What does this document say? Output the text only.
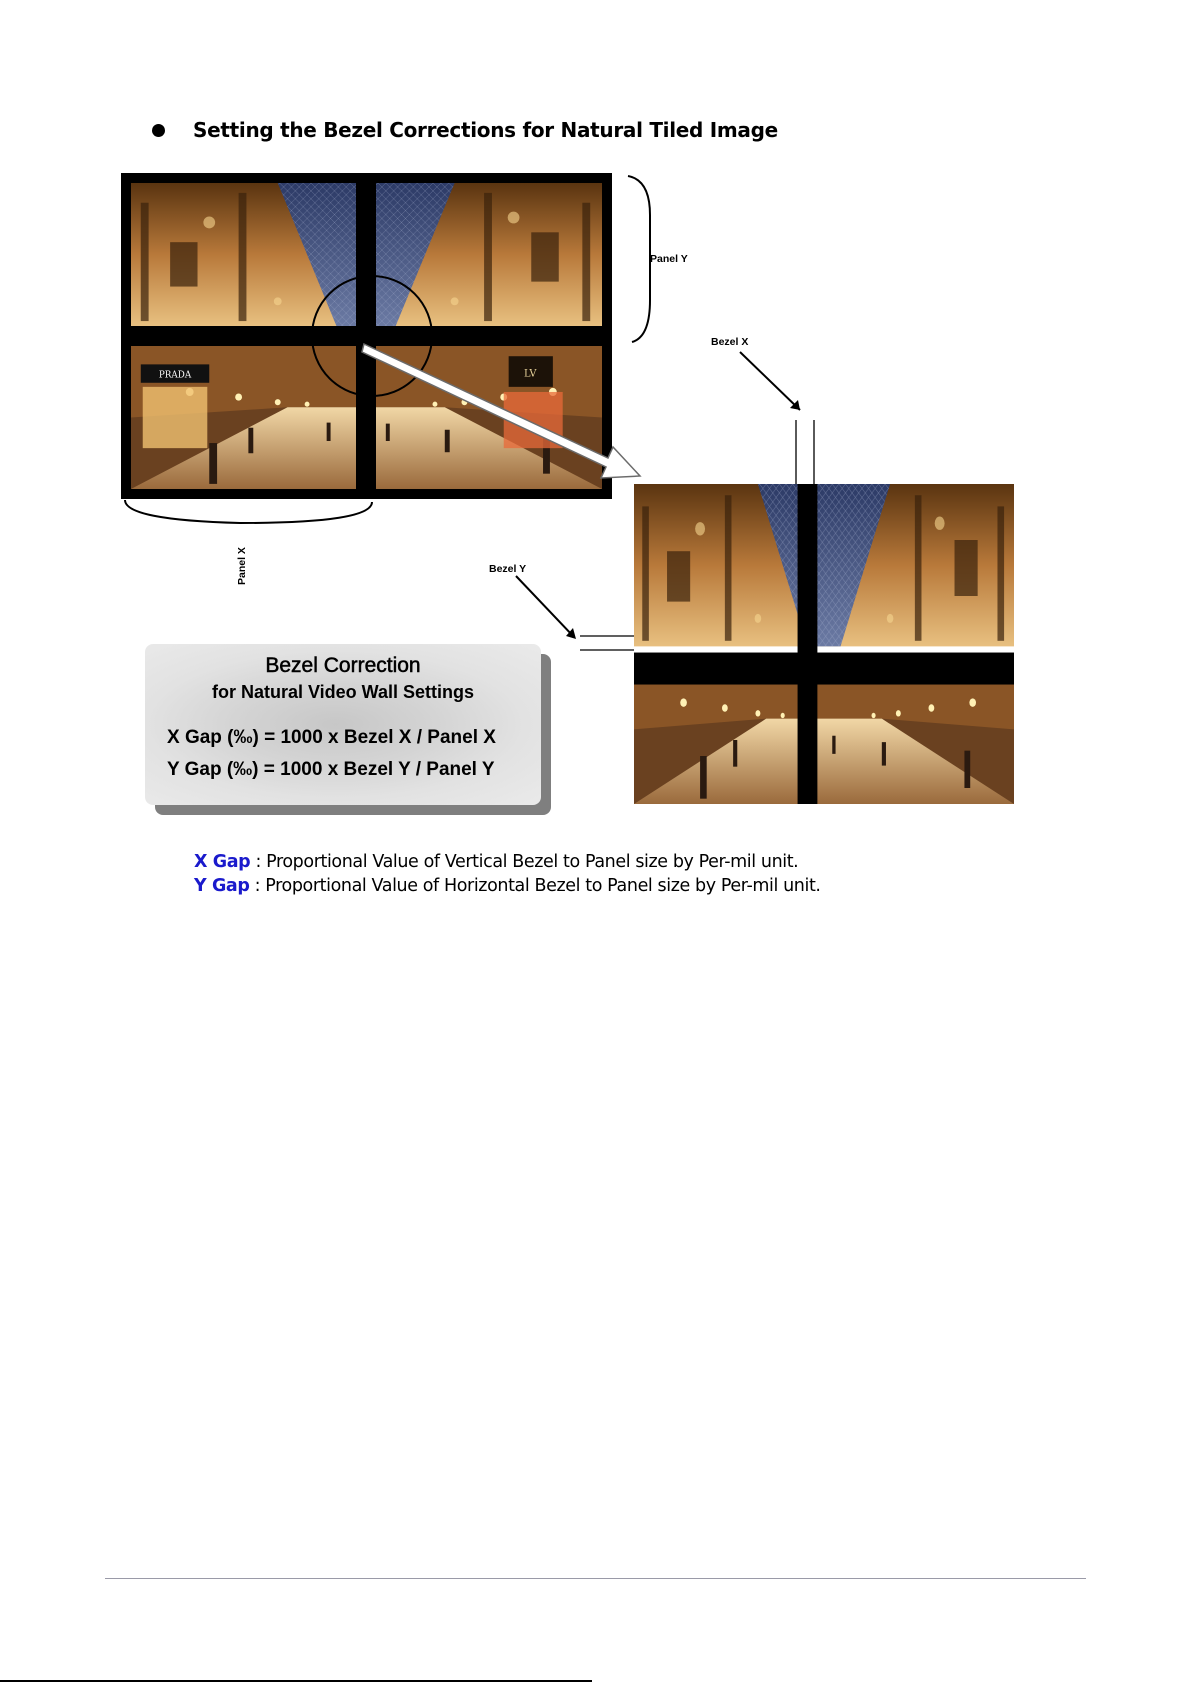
Setting the Bezel Corrections for Natural Tiled Image
PRADA	LV
Panel Y
Panel X
Bezel X
Bezel Y
Bezel Correction
for Natural Video Wall Settings
X Gap (‰) = 1000 x Bezel X / Panel X
Y Gap (‰) = 1000 x Bezel Y / Panel Y
X Gap : Proportional Value of Vertical Bezel to Panel size by Per-mil unit.
Y Gap : Proportional Value of Horizontal Bezel to Panel size by Per-mil unit.
